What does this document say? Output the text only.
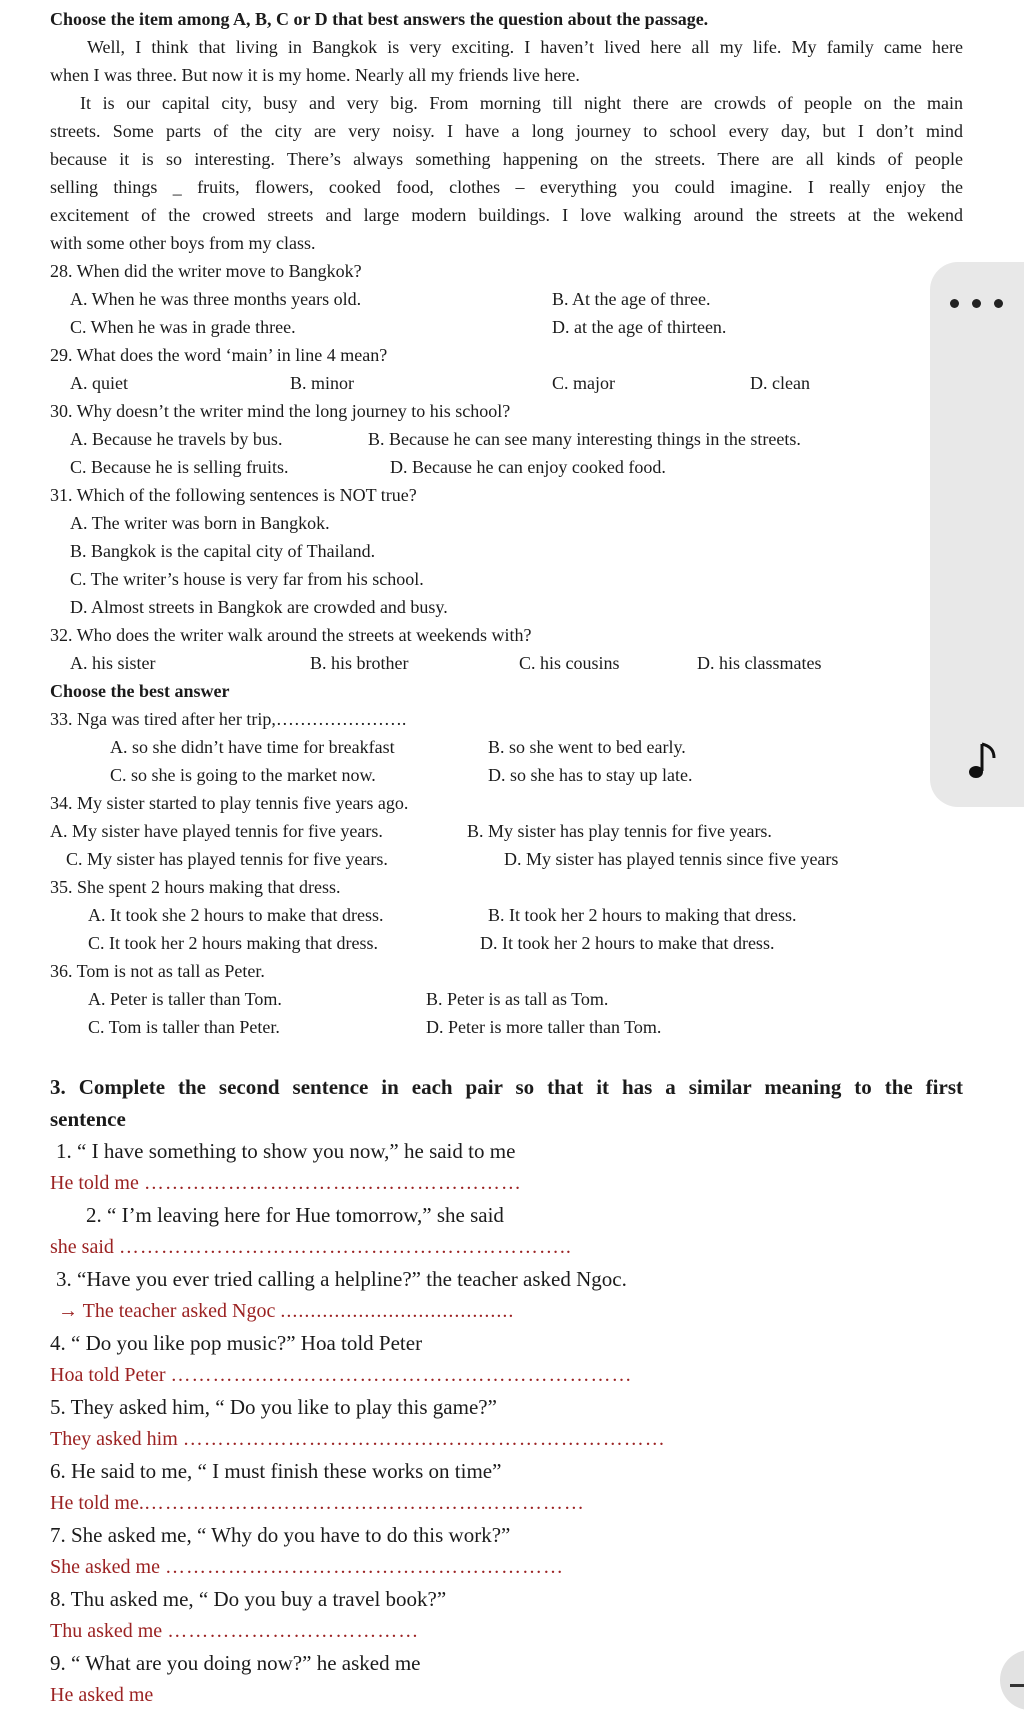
Choose the item among A, B, C or D that best answers the question about the passage.
Well, I think that living in Bangkok is very exciting. I haven’t lived here all my life. My family came here
when I was three. But now it is my home. Nearly all my friends live here.
It is our capital city, busy and very big. From morning till night there are crowds of people on the main
streets. Some parts of the city are very noisy. I have a long journey to school every day, but I don’t mind
because it is so interesting. There’s always something happening on the streets. There are all kinds of people
selling things _ fruits, flowers, cooked food, clothes – everything you could imagine. I really enjoy the
excitement of the crowed streets and large modern buildings. I love walking around the streets at the wekend
with some other boys from my class.
28. When did the writer move to Bangkok?
A. When he was three months years old.	B. At the age of three.
C. When he was in grade three.	D. at the age of thirteen.
29. What does the word ‘main’ in line 4 mean?
A. quiet	B. minor	C. major	D. clean
30. Why doesn’t the writer mind the long journey to his school?
A. Because he travels by bus.	B. Because he can see many interesting things in the streets.
C. Because he is selling fruits.	D. Because he can enjoy cooked food.
31. Which of the following sentences is NOT true?
A. The writer was born in Bangkok.
B. Bangkok is the capital city of Thailand.
C. The writer’s house is very far from his school.
D. Almost streets in Bangkok are crowded and busy.
32. Who does the writer walk around the streets at weekends with?
A. his sister	B. his brother	C. his cousins	D. his classmates
Choose the best answer
33. Nga was tired after her trip,………………….
A. so she didn’t have time for breakfast	B. so she went to bed early.
C. so she is going to the market now.	D. so she has to stay up late.
34. My sister started to play tennis five years ago.
A. My sister have played tennis for five years.	B. My sister has play tennis for five years.
C. My sister has played tennis for five years.	D. My sister has played tennis since five years
35. She spent 2 hours making that dress.
A. It took she 2 hours to make that dress.	B. It took her 2 hours to making that dress.
C. It took her 2 hours making that dress.	D. It took her 2 hours to make that dress.
36. Tom is not as tall as Peter.
A. Peter is taller than Tom.	B. Peter is as tall as Tom.
C. Tom is taller than Peter.	D. Peter is more taller than Tom.
3. Complete the second sentence in each pair so that it has a similar meaning to the first
sentence
1. “ I have something to show you now,” he said to me
He told me ………………………………………………
2. “ I’m leaving here for Hue tomorrow,” she said
she said ………………………………………………………..
3. “Have you ever tried calling a helpline?” the teacher asked Ngoc.
→ The teacher asked Ngoc .......................................
4. “ Do you like pop music?” Hoa told Peter
Hoa told Peter …………………………………………………………
5. They asked him, “ Do you like to play this game?”
They asked him ……………………………………………………………
6. He said to me, “ I must finish these works on time”
He told me.………………………………………………………
7. She asked me, “ Why do you have to do this work?”
She asked me …………………………………………………
8. Thu asked me, “ Do you buy a travel book?”
Thu asked me ………………………………
9. “ What are you doing now?” he asked me
He asked me
